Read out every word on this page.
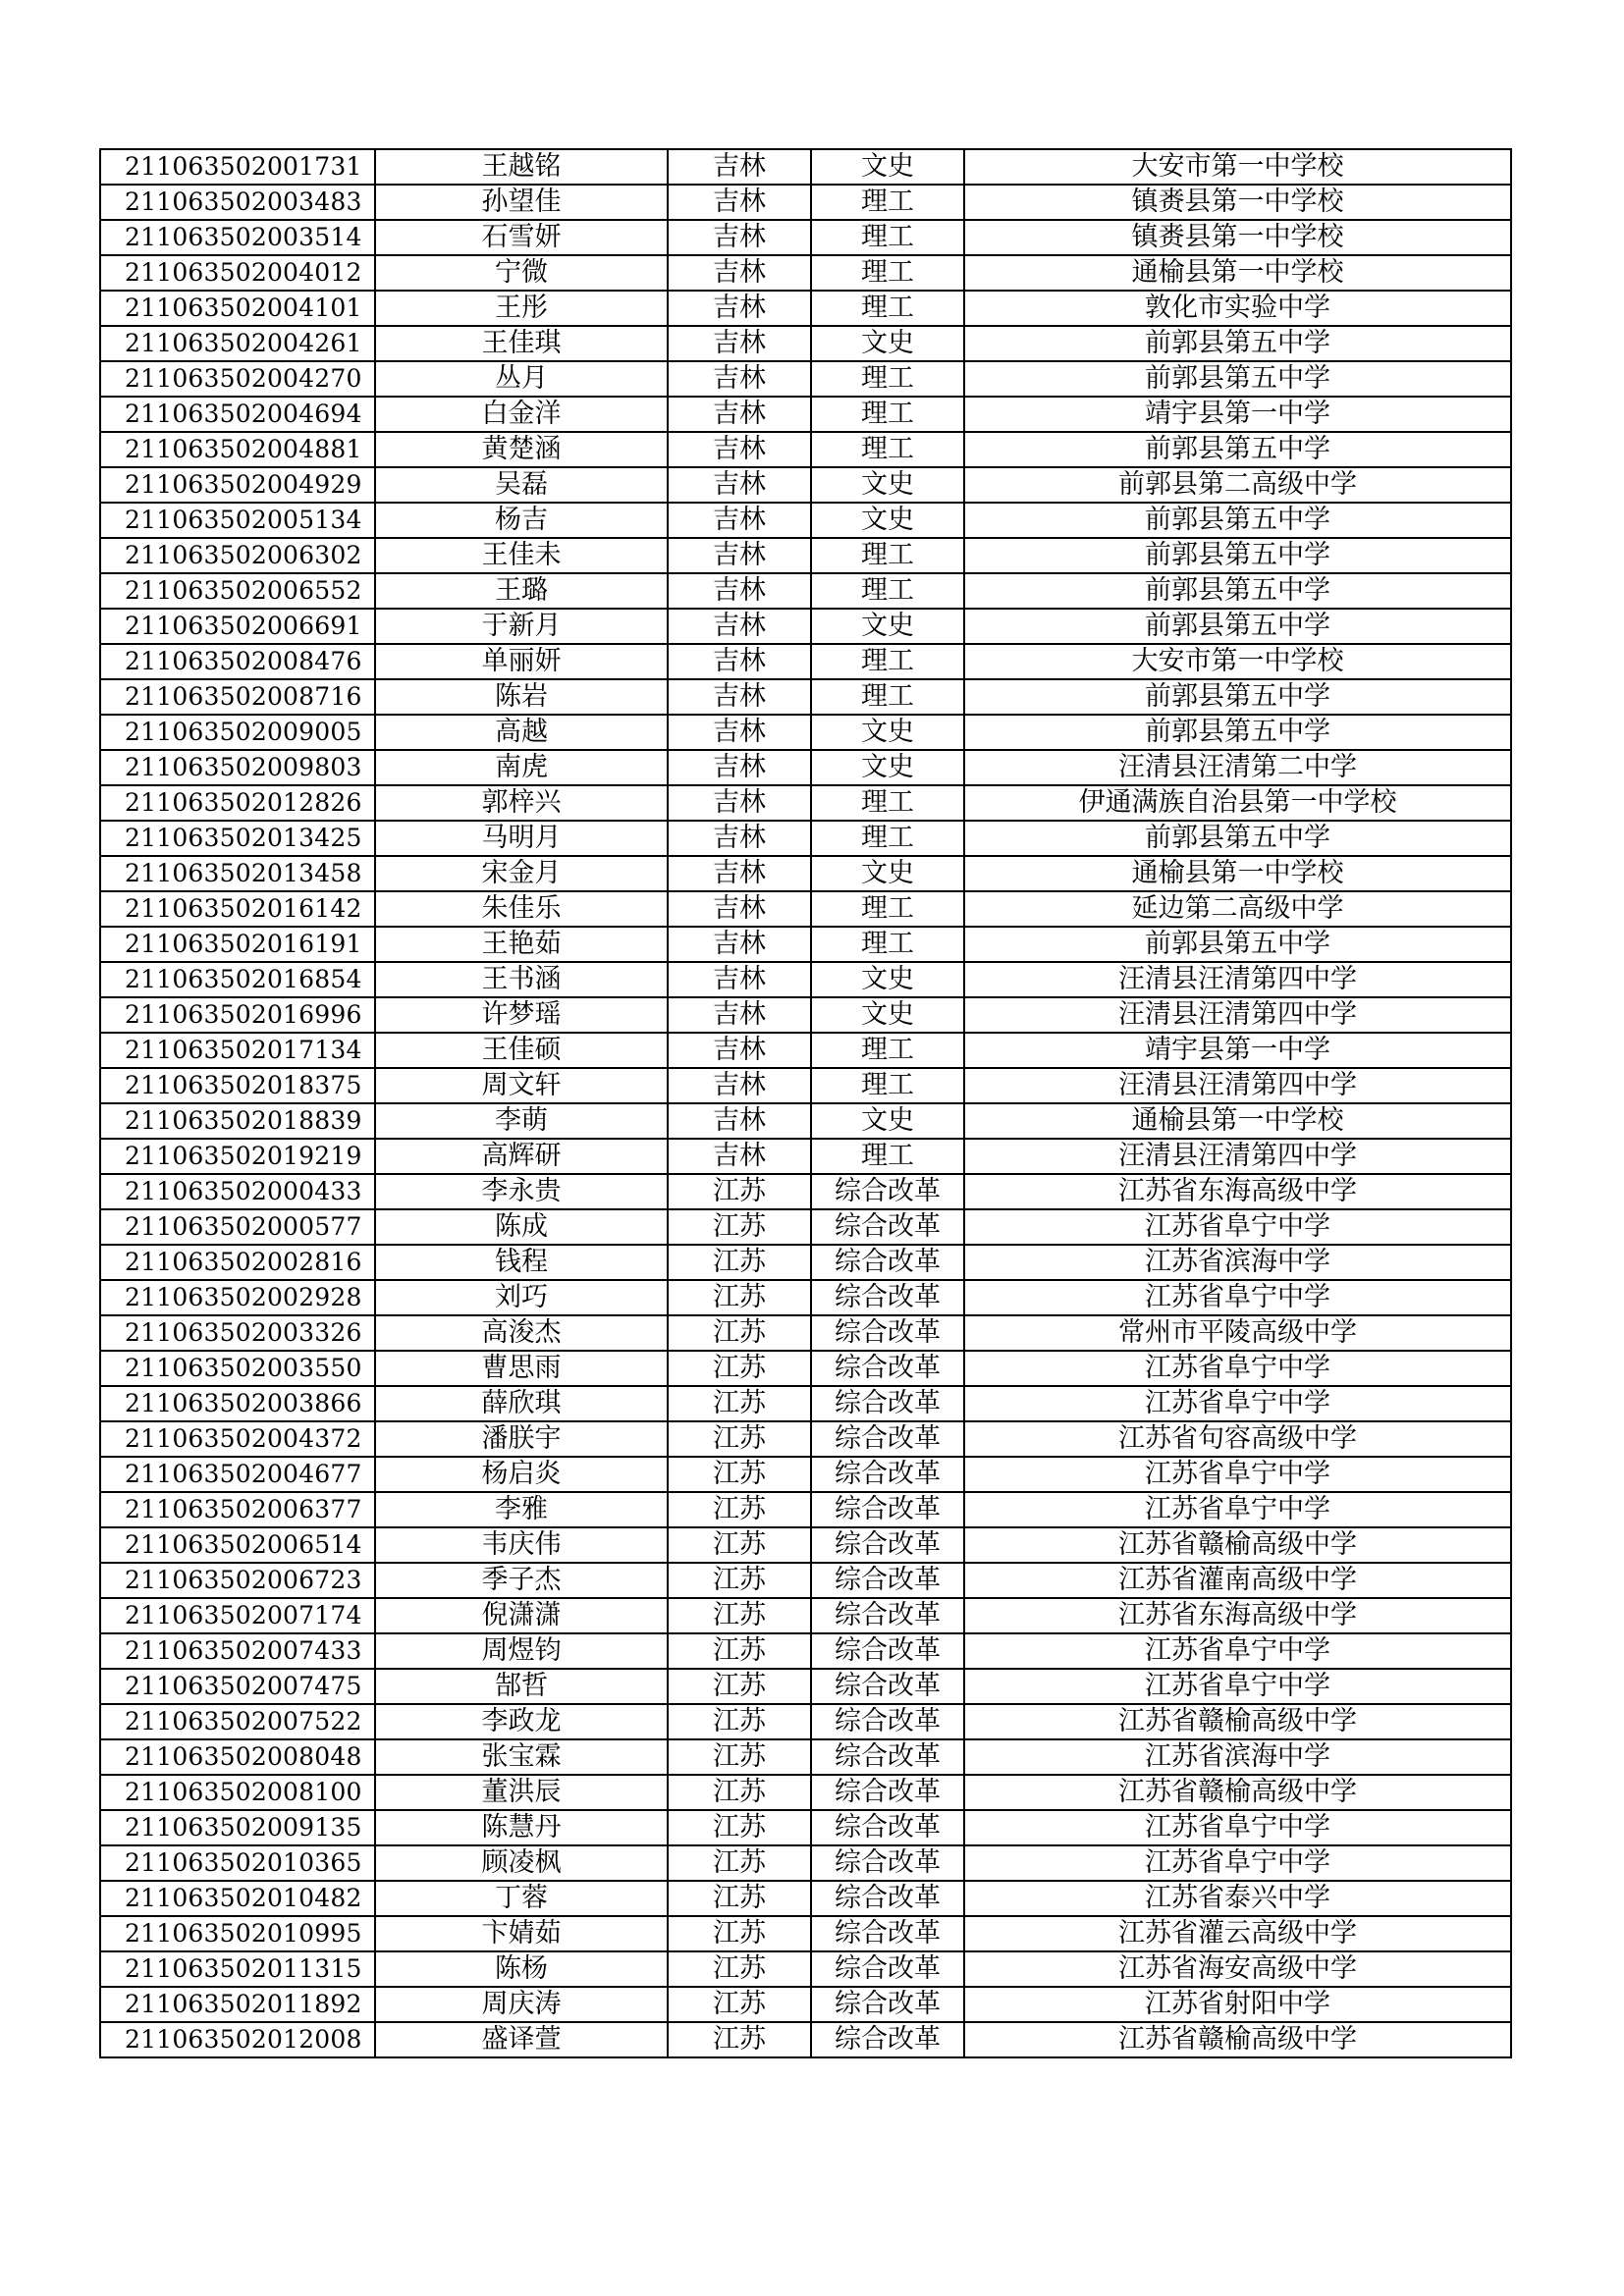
211063502001731	王越铭	吉林	文史	大安市第一中学校
211063502003483	孙望佳	吉林	理工	镇赉县第一中学校
211063502003514	石雪妍	吉林	理工	镇赉县第一中学校
211063502004012	宁微	吉林	理工	通榆县第一中学校
211063502004101	王彤	吉林	理工	敦化市实验中学
211063502004261	王佳琪	吉林	文史	前郭县第五中学
211063502004270	丛月	吉林	理工	前郭县第五中学
211063502004694	白金洋	吉林	理工	靖宇县第一中学
211063502004881	黄楚涵	吉林	理工	前郭县第五中学
211063502004929	吴磊	吉林	文史	前郭县第二高级中学
211063502005134	杨吉	吉林	文史	前郭县第五中学
211063502006302	王佳未	吉林	理工	前郭县第五中学
211063502006552	王璐	吉林	理工	前郭县第五中学
211063502006691	于新月	吉林	文史	前郭县第五中学
211063502008476	单丽妍	吉林	理工	大安市第一中学校
211063502008716	陈岩	吉林	理工	前郭县第五中学
211063502009005	高越	吉林	文史	前郭县第五中学
211063502009803	南虎	吉林	文史	汪清县汪清第二中学
211063502012826	郭梓兴	吉林	理工	伊通满族自治县第一中学校
211063502013425	马明月	吉林	理工	前郭县第五中学
211063502013458	宋金月	吉林	文史	通榆县第一中学校
211063502016142	朱佳乐	吉林	理工	延边第二高级中学
211063502016191	王艳茹	吉林	理工	前郭县第五中学
211063502016854	王书涵	吉林	文史	汪清县汪清第四中学
211063502016996	许梦瑶	吉林	文史	汪清县汪清第四中学
211063502017134	王佳硕	吉林	理工	靖宇县第一中学
211063502018375	周文轩	吉林	理工	汪清县汪清第四中学
211063502018839	李萌	吉林	文史	通榆县第一中学校
211063502019219	高辉研	吉林	理工	汪清县汪清第四中学
211063502000433	李永贵	江苏	综合改革	江苏省东海高级中学
211063502000577	陈成	江苏	综合改革	江苏省阜宁中学
211063502002816	钱程	江苏	综合改革	江苏省滨海中学
211063502002928	刘巧	江苏	综合改革	江苏省阜宁中学
211063502003326	高浚杰	江苏	综合改革	常州市平陵高级中学
211063502003550	曹思雨	江苏	综合改革	江苏省阜宁中学
211063502003866	薛欣琪	江苏	综合改革	江苏省阜宁中学
211063502004372	潘朕宇	江苏	综合改革	江苏省句容高级中学
211063502004677	杨启炎	江苏	综合改革	江苏省阜宁中学
211063502006377	李雅	江苏	综合改革	江苏省阜宁中学
211063502006514	韦庆伟	江苏	综合改革	江苏省赣榆高级中学
211063502006723	季子杰	江苏	综合改革	江苏省灌南高级中学
211063502007174	倪潇潇	江苏	综合改革	江苏省东海高级中学
211063502007433	周煜钧	江苏	综合改革	江苏省阜宁中学
211063502007475	郜哲	江苏	综合改革	江苏省阜宁中学
211063502007522	李政龙	江苏	综合改革	江苏省赣榆高级中学
211063502008048	张宝霖	江苏	综合改革	江苏省滨海中学
211063502008100	董洪辰	江苏	综合改革	江苏省赣榆高级中学
211063502009135	陈慧丹	江苏	综合改革	江苏省阜宁中学
211063502010365	顾凌枫	江苏	综合改革	江苏省阜宁中学
211063502010482	丁蓉	江苏	综合改革	江苏省泰兴中学
211063502010995	卞婧茹	江苏	综合改革	江苏省灌云高级中学
211063502011315	陈杨	江苏	综合改革	江苏省海安高级中学
211063502011892	周庆涛	江苏	综合改革	江苏省射阳中学
211063502012008	盛译萱	江苏	综合改革	江苏省赣榆高级中学
